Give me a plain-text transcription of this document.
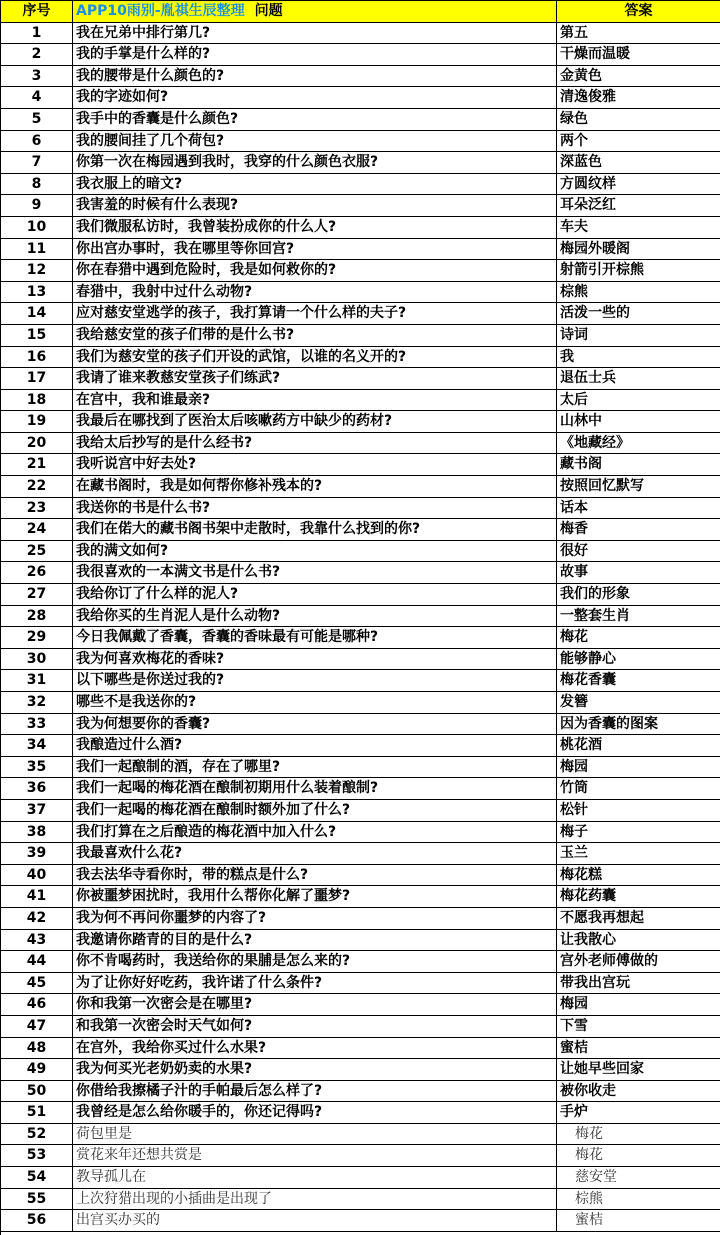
序号	APP10雨别-胤祺生辰整理 问题	答案
1	我在兄弟中排行第几?	第五
2	我的手掌是什么样的?	干燥而温暖
3	我的腰带是什么颜色的?	金黄色
4	我的字迹如何?	清逸俊雅
5	我手中的香囊是什么颜色?	绿色
6	我的腰间挂了几个荷包?	两个
7	你第一次在梅园遇到我时，我穿的什么颜色衣服?	深蓝色
8	我衣服上的暗文?	方圆纹样
9	我害羞的时候有什么表现?	耳朵泛红
10	我们微服私访时，我曾装扮成你的什么人?	车夫
11	你出宫办事时，我在哪里等你回宫?	梅园外暖阁
12	你在春猎中遇到危险时，我是如何救你的?	射箭引开棕熊
13	春猎中，我射中过什么动物?	棕熊
14	应对慈安堂逃学的孩子，我打算请一个什么样的夫子?	活泼一些的
15	我给慈安堂的孩子们带的是什么书?	诗词
16	我们为慈安堂的孩子们开设的武馆，以谁的名义开的?	我
17	我请了谁来教慈安堂孩子们练武?	退伍士兵
18	在宫中，我和谁最亲?	太后
19	我最后在哪找到了医治太后咳嗽药方中缺少的药材?	山林中
20	我给太后抄写的是什么经书?	《地藏经》
21	我听说宫中好去处?	藏书阁
22	在藏书阁时，我是如何帮你修补残本的?	按照回忆默写
23	我送你的书是什么书?	话本
24	我们在偌大的藏书阁书架中走散时，我靠什么找到的你?	梅香
25	我的满文如何?	很好
26	我很喜欢的一本满文书是什么书?	故事
27	我给你订了什么样的泥人?	我们的形象
28	我给你买的生肖泥人是什么动物?	一整套生肖
29	今日我佩戴了香囊，香囊的香味最有可能是哪种?	梅花
30	我为何喜欢梅花的香味?	能够静心
31	以下哪些是你送过我的?	梅花香囊
32	哪些不是我送你的?	发簪
33	我为何想要你的香囊?	因为香囊的图案
34	我酿造过什么酒?	桃花酒
35	我们一起酿制的酒，存在了哪里?	梅园
36	我们一起喝的梅花酒在酿制初期用什么装着酿制?	竹筒
37	我们一起喝的梅花酒在酿制时额外加了什么?	松针
38	我们打算在之后酿造的梅花酒中加入什么?	梅子
39	我最喜欢什么花?	玉兰
40	我去法华寺看你时，带的糕点是什么?	梅花糕
41	你被噩梦困扰时，我用什么帮你化解了噩梦?	梅花药囊
42	我为何不再问你噩梦的内容了?	不愿我再想起
43	我邀请你踏青的目的是什么?	让我散心
44	你不肯喝药时，我送给你的果脯是怎么来的?	宫外老师傅做的
45	为了让你好好吃药，我许诺了什么条件?	带我出宫玩
46	你和我第一次密会是在哪里?	梅园
47	和我第一次密会时天气如何?	下雪
48	在宫外，我给你买过什么水果?	蜜桔
49	我为何买光老奶奶卖的水果?	让她早些回家
50	你借给我擦橘子汁的手帕最后怎么样了?	被你收走
51	我曾经是怎么给你暖手的，你还记得吗?	手炉
52	荷包里是	梅花
53	赏花来年还想共赏是	梅花
54	教导孤儿在	慈安堂
55	上次狩猎出现的小插曲是出现了	棕熊
56	出宫买办买的	蜜桔
